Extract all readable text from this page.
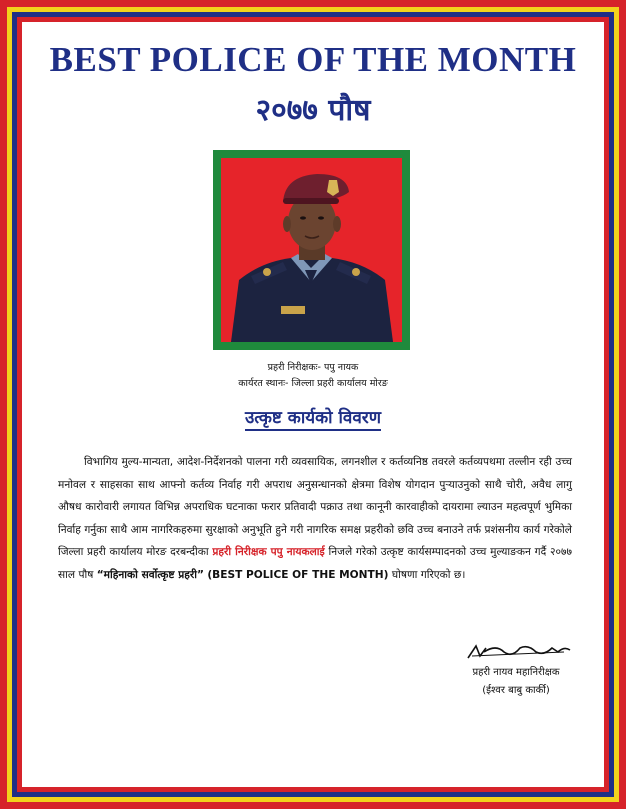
BEST POLICE OF THE MONTH
२०७७ पौष
प्रहरी निरीक्षकः- पपु नायक
कार्यरत स्थानः- जिल्ला प्रहरी कार्यालय मोरङ
उत्कृष्ट कार्यको विवरण
विभागिय मुल्य-मान्यता, आदेश-निर्देशनको पालना गरी व्यवसायिक, लगनशील र कर्तव्यनिष्ठ तवरले कर्तव्यपथमा तल्लीन रही उच्च मनोवल र साहसका साथ आफ्नो कर्तव्य निर्वाह गरी अपराध अनुसन्धानको क्षेत्रमा विशेष योगदान पुर्‍याउनुको साथै चोरी, अवैध लागु औषध कारोवारी लगायत विभिन्न अपराधिक घटनाका फरार प्रतिवादी पक्राउ तथा कानूनी कारवाहीको दायरामा ल्याउन महत्वपूर्ण भुमिका निर्वाह गर्नुका साथै आम नागरिकहरुमा सुरक्षाको अनुभूति हुने गरी नागरिक समक्ष प्रहरीको छवि उच्च बनाउने तर्फ प्रशंसनीय कार्य गरेकोले जिल्ला प्रहरी कार्यालय मोरङ दरबन्दीका प्रहरी निरीक्षक पपु नायकलाई निजले गरेको उत्कृष्ट कार्यसम्पादनको उच्च मुल्याङकन गर्दै २०७७ साल पौष “महिनाको सर्वोत्कृष्ट प्रहरी” (BEST POLICE OF THE MONTH) घोषणा गरिएको छ।
प्रहरी नायव महानिरीक्षक
(ईश्वर बाबु कार्की)
